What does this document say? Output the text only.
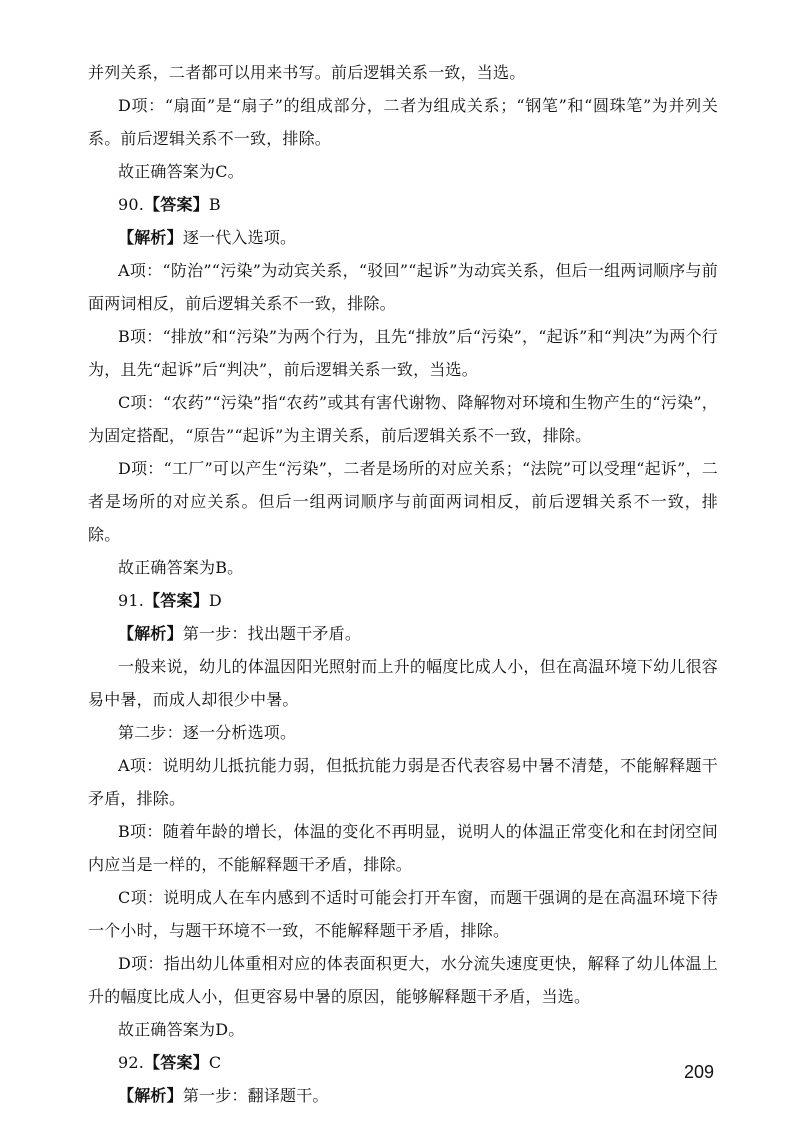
并列关系，二者都可以用来书写。前后逻辑关系一致，当选。

D项：“扇面”是“扇子”的组成部分，二者为组成关系；“钢笔”和“圆珠笔”为并列关系。前后逻辑关系不一致，排除。

故正确答案为C。

90.【答案】B

【解析】逐一代入选项。

A项：“防治”“污染”为动宾关系，“驳回”“起诉”为动宾关系，但后一组两词顺序与前面两词相反，前后逻辑关系不一致，排除。

B项：“排放”和“污染”为两个行为，且先“排放”后“污染”，“起诉”和“判决”为两个行为，且先“起诉”后“判决”，前后逻辑关系一致，当选。

C项：“农药”“污染”指“农药”或其有害代谢物、降解物对环境和生物产生的“污染”，为固定搭配，“原告”“起诉”为主谓关系，前后逻辑关系不一致，排除。

D项：“工厂”可以产生“污染”，二者是场所的对应关系；“法院”可以受理“起诉”，二者是场所的对应关系。但后一组两词顺序与前面两词相反，前后逻辑关系不一致，排除。

故正确答案为B。

91.【答案】D

【解析】第一步：找出题干矛盾。

一般来说，幼儿的体温因阳光照射而上升的幅度比成人小，但在高温环境下幼儿很容易中暑，而成人却很少中暑。

第二步：逐一分析选项。

A项：说明幼儿抵抗能力弱，但抵抗能力弱是否代表容易中暑不清楚，不能解释题干矛盾，排除。

B项：随着年龄的增长，体温的变化不再明显，说明人的体温正常变化和在封闭空间内应当是一样的，不能解释题干矛盾，排除。

C项：说明成人在车内感到不适时可能会打开车窗，而题干强调的是在高温环境下待一个小时，与题干环境不一致，不能解释题干矛盾，排除。

D项：指出幼儿体重相对应的体表面积更大，水分流失速度更快，解释了幼儿体温上升的幅度比成人小，但更容易中暑的原因，能够解释题干矛盾，当选。

故正确答案为D。

92.【答案】C

【解析】第一步：翻译题干。

209
